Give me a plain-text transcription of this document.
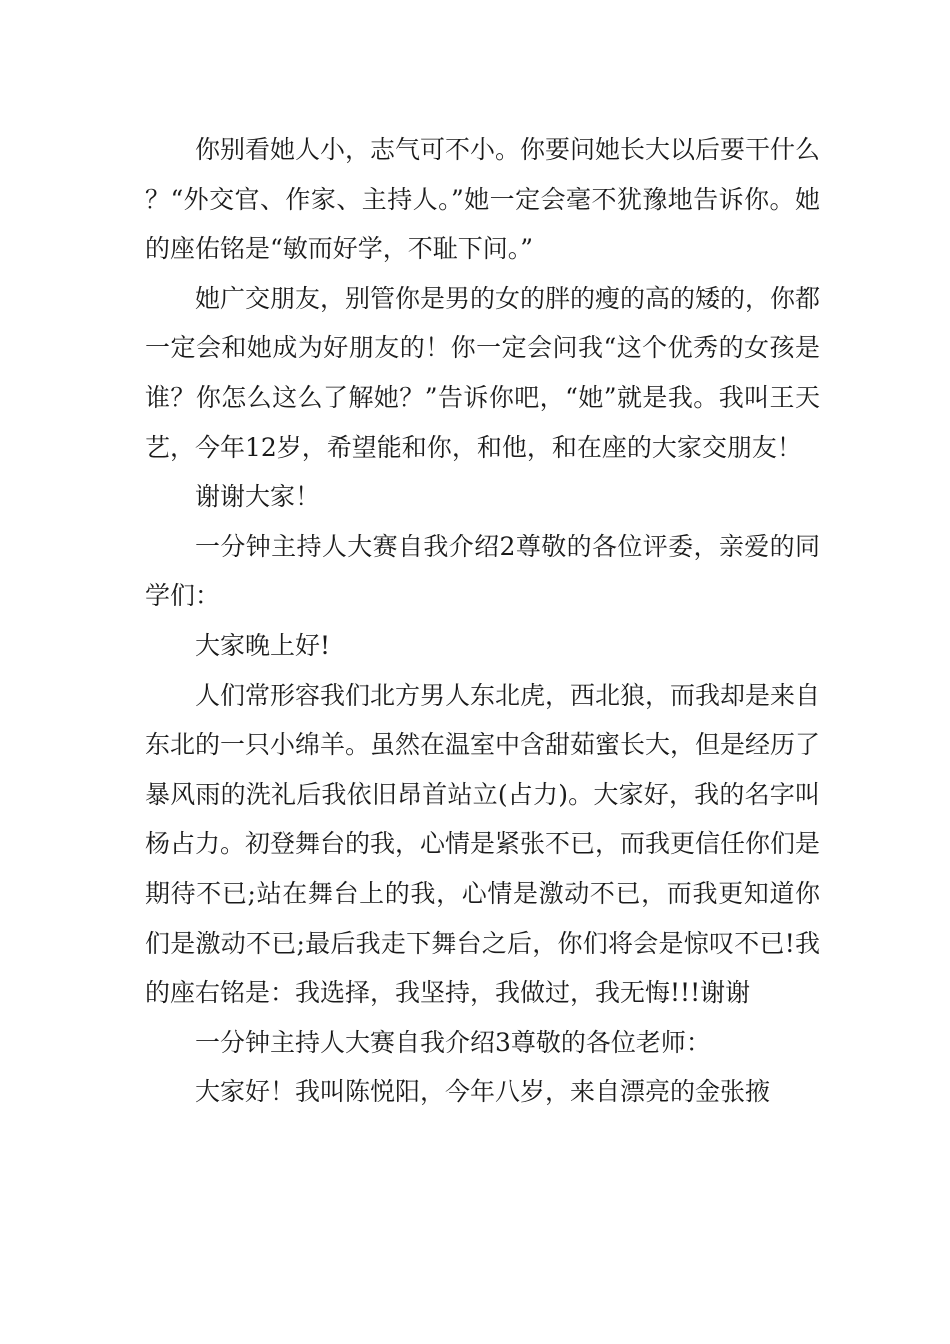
你别看她人小，志气可不小。你要问她长大以后要干什么？“外交官、作家、主持人。”她一定会毫不犹豫地告诉你。她的座佑铭是“敏而好学，不耻下问。”

她广交朋友，别管你是男的女的胖的瘦的高的矮的，你都一定会和她成为好朋友的！你一定会问我“这个优秀的女孩是谁？你怎么这么了解她？”告诉你吧，“她”就是我。我叫王天艺，今年12岁，希望能和你，和他，和在座的大家交朋友！

谢谢大家！

一分钟主持人大赛自我介绍2尊敬的各位评委，亲爱的同学们：

大家晚上好!

人们常形容我们北方男人东北虎，西北狼，而我却是来自东北的一只小绵羊。虽然在温室中含甜茹蜜长大，但是经历了暴风雨的洗礼后我依旧昂首站立(占力)。大家好，我的名字叫杨占力。初登舞台的我，心情是紧张不已，而我更信任你们是期待不已;站在舞台上的我，心情是激动不已，而我更知道你们是激动不已;最后我走下舞台之后，你们将会是惊叹不已!我的座右铭是：我选择，我坚持，我做过，我无悔!!!谢谢

一分钟主持人大赛自我介绍3尊敬的各位老师：

大家好！我叫陈悦阳，今年八岁，来自漂亮的金张掖
